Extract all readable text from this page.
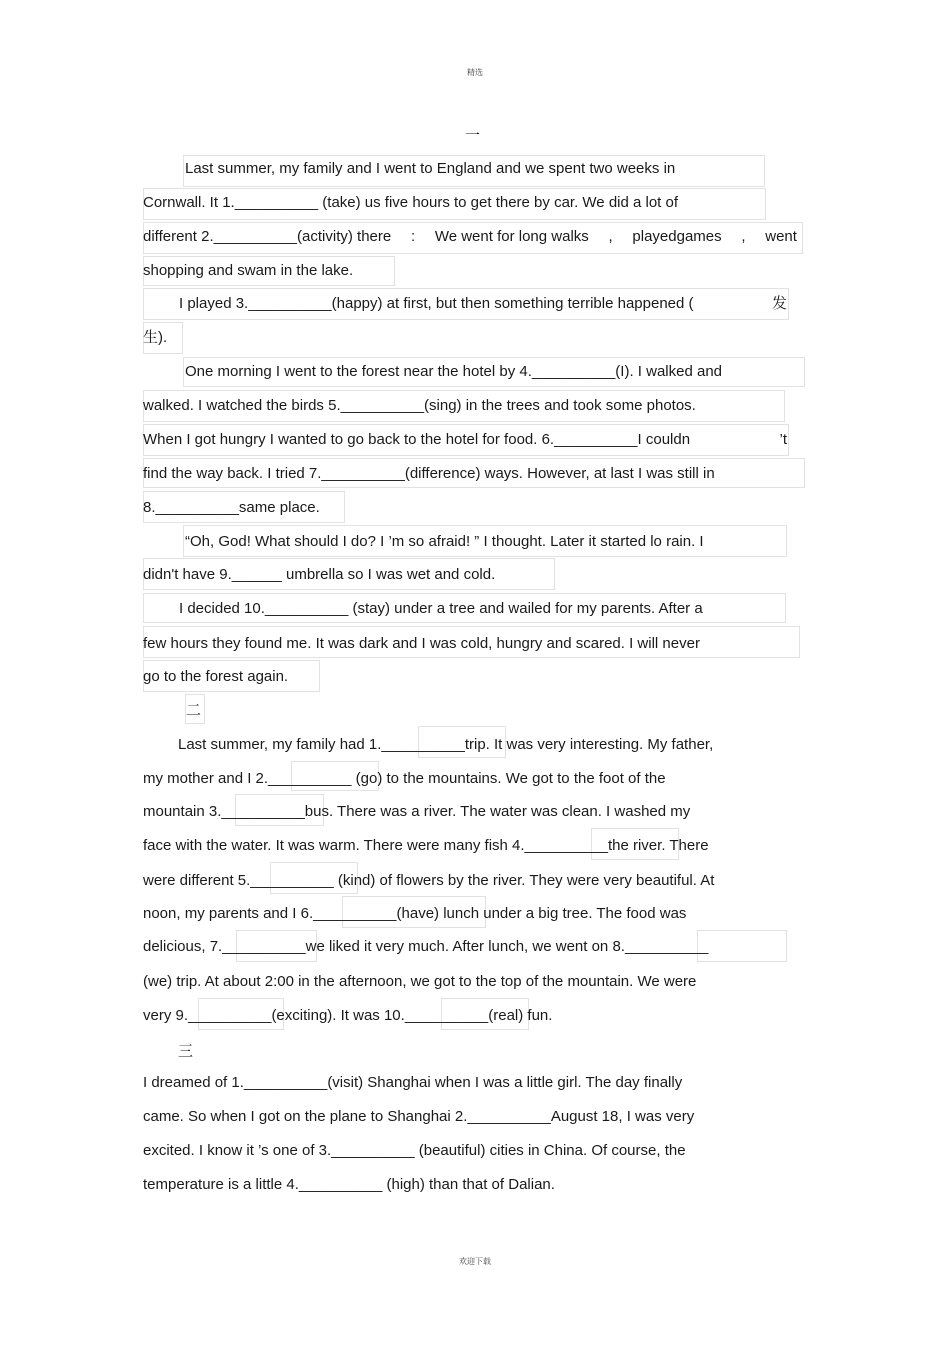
精选
一
Last summer, my family and I went to England and we spent two weeks in
Cornwall. It 1.__________ (take) us five hours to get there by car. We did a lot of
different 2.__________(activity) there : We went for long walks , playedgames , went
shopping and swam in the lake.
I played 3.__________(happy) at first, but then something terrible happened (	发
生).
One morning I went to the forest near the hotel by 4.__________(I). I walked and
walked. I watched the birds 5.__________(sing) in the trees and took some photos.
When I got hungry I wanted to go back to the hotel for food. 6.__________I couldn	’t
find the way back. I tried 7.__________(difference) ways. However, at last I was still in
8.__________same place.
“Oh, God! What should I do? I ’m so afraid! ” I thought. Later it started lo rain. I
didn't have 9.______ umbrella so I was wet and cold.
I decided 10.__________ (stay) under a tree and wailed for my parents. After a
few hours they found me. It was dark and I was cold, hungry and scared. I will never
go to the forest again.
二
Last summer, my family had 1.__________trip. It was very interesting. My father,
my mother and I 2.__________ (go) to the mountains. We got to the foot of the
mountain 3.__________bus. There was a river. The water was clean. I washed my
face with the water. It was warm. There were many fish 4.__________the river. There
were different 5.__________ (kind) of flowers by the river. They were very beautiful. At
noon, my parents and I 6.__________(have) lunch under a big tree. The food was
delicious, 7.__________we liked it very much. After lunch, we went on 8.__________
(we) trip. At about 2:00 in the afternoon, we got to the top of the mountain. We were
very 9.__________(exciting). It was 10.__________(real) fun.
三
I dreamed of 1.__________(visit) Shanghai when I was a little girl. The day finally
came. So when I got on the plane to Shanghai 2.__________August 18, I was very
excited. I know it ’s one of 3.__________ (beautiful) cities in China. Of course, the
temperature is a little 4.__________ (high) than that of Dalian.
欢迎下载
